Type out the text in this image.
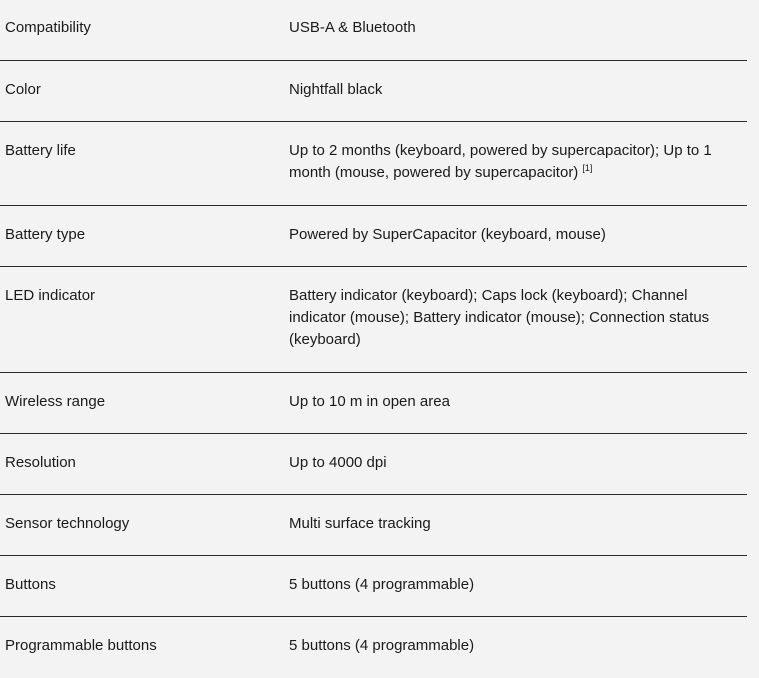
Compatibility	USB-A & Bluetooth
Color	Nightfall black
Battery life	Up to 2 months (keyboard, powered by supercapacitor); Up to 1 month (mouse, powered by supercapacitor) [1]
Battery type	Powered by SuperCapacitor (keyboard, mouse)
LED indicator	Battery indicator (keyboard); Caps lock (keyboard); Channel indicator (mouse); Battery indicator (mouse); Connection status (keyboard)
Wireless range	Up to 10 m in open area
Resolution	Up to 4000 dpi
Sensor technology	Multi surface tracking
Buttons	5 buttons (4 programmable)
Programmable buttons	5 buttons (4 programmable)
